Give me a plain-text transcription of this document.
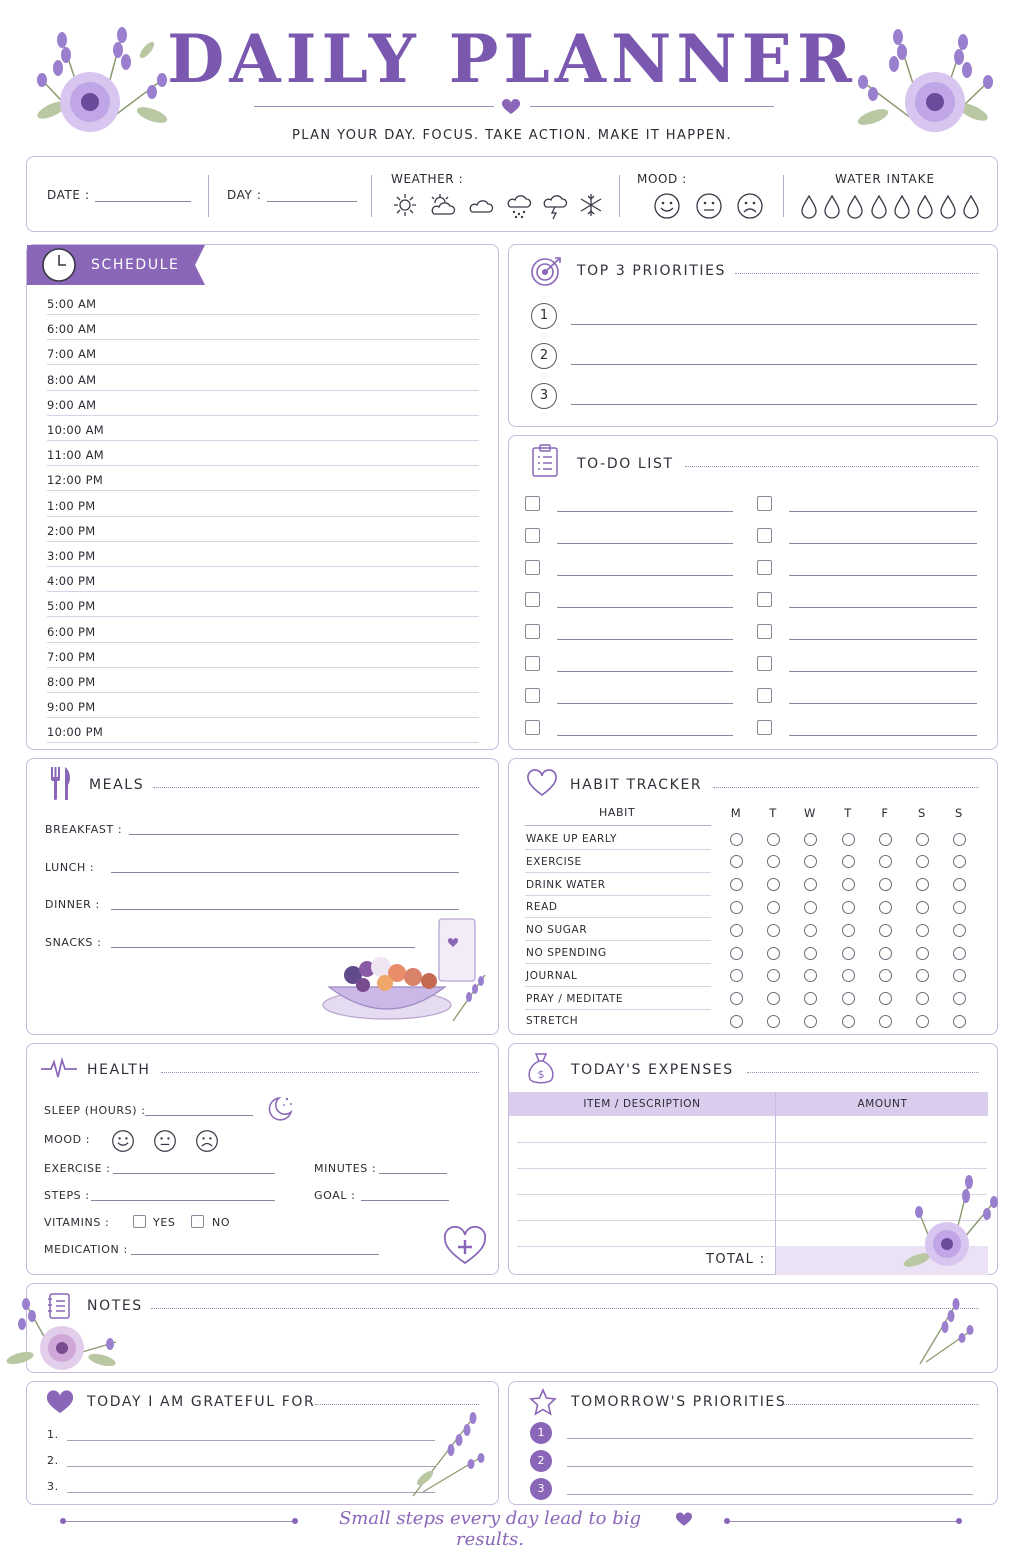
DAILY PLANNER
PLAN YOUR DAY. FOCUS. TAKE ACTION. MAKE IT HAPPEN.
DATE :	DAY :
WEATHER :	MOOD :	WATER INTAKE
SCHEDULE
5:00 AM
6:00 AM
7:00 AM
8:00 AM
9:00 AM
10:00 AM
11:00 AM
12:00 PM
1:00 PM
2:00 PM
3:00 PM
4:00 PM
5:00 PM
6:00 PM
7:00 PM
8:00 PM
9:00 PM
10:00 PM
TOP 3 PRIORITIES
1
2
3
TO-DO LIST
MEALS
BREAKFAST :
LUNCH :
DINNER :
SNACKS :
HABIT TRACKER
HABIT	M	T	W	T	F	S	S
WAKE UP EARLY
EXERCISE
DRINK WATER
READ
NO SUGAR
NO SPENDING
JOURNAL
PRAY / MEDITATE
STRETCH
HEALTH
SLEEP (HOURS) :
MOOD :
EXERCISE :	MINUTES :
STEPS :	GOAL :
VITAMINS :	YES	NO
MEDICATION :
$ TODAY'S EXPENSES
ITEM / DESCRIPTION	AMOUNT
TOTAL :
NOTES
TODAY I AM GRATEFUL FOR
1.
2.
3.
TOMORROW'S PRIORITIES
1
2
3
Small steps every day lead to big results.
